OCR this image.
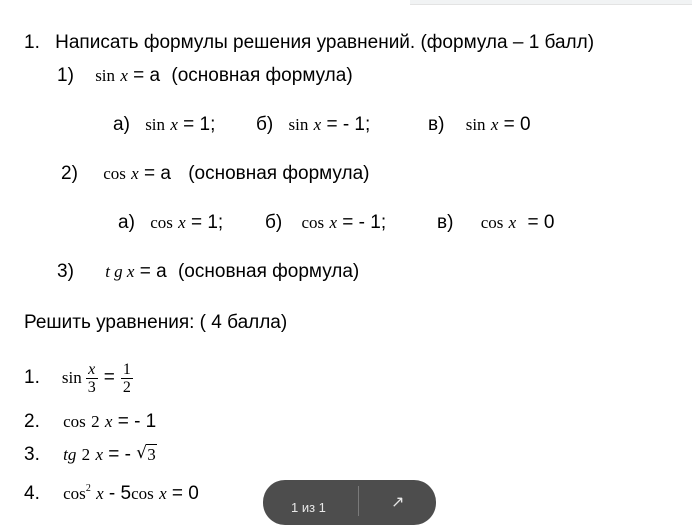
1. Написать формулы решения уравнений. (формула – 1 балл)
1) sin x = a (основная формула)
а) sin x = 1; б) sin x = - 1;	в) sin x = 0
2) cos x = a (основная формула)
а) cos x = 1; б) cos x = - 1;	в) cos x = 0
3) t g x = a (основная формула)
Решить уравнения: ( 4 балла)
1. $\sin \frac{x}{3} = \frac{1}{2}$
2. cos 2 x = - 1
3. tg 2 x = - √ 3
4. $\cos^2 x - 5\cos$ x = 0
1 из 1	↗
